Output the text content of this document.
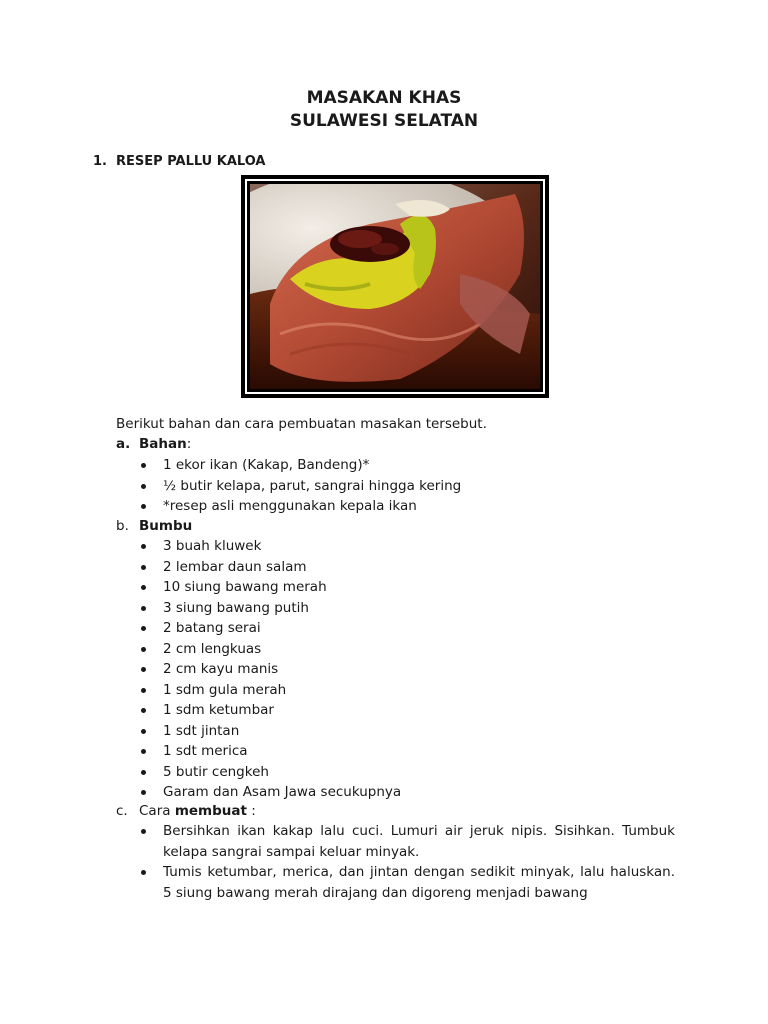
MASAKAN KHAS
SULAWESI SELATAN
1. RESEP PALLU KALOA
Berikut bahan dan cara pembuatan masakan tersebut.
a. Bahan:
1 ekor ikan (Kakap, Bandeng)*
½ butir kelapa, parut, sangrai hingga kering
*resep asli menggunakan kepala ikan
b. Bumbu
3 buah kluwek
2 lembar daun salam
10 siung bawang merah
3 siung bawang putih
2 batang serai
2 cm lengkuas
2 cm kayu manis
1 sdm gula merah
1 sdm ketumbar
1 sdt jintan
1 sdt merica
5 butir cengkeh
Garam dan Asam Jawa secukupnya
c. Cara membuat :
Bersihkan ikan kakap lalu cuci. Lumuri air jeruk nipis. Sisihkan. Tumbuk kelapa sangrai sampai keluar minyak.
Tumis ketumbar, merica, dan jintan dengan sedikit minyak, lalu haluskan. 5 siung bawang merah dirajang dan digoreng menjadi bawang
